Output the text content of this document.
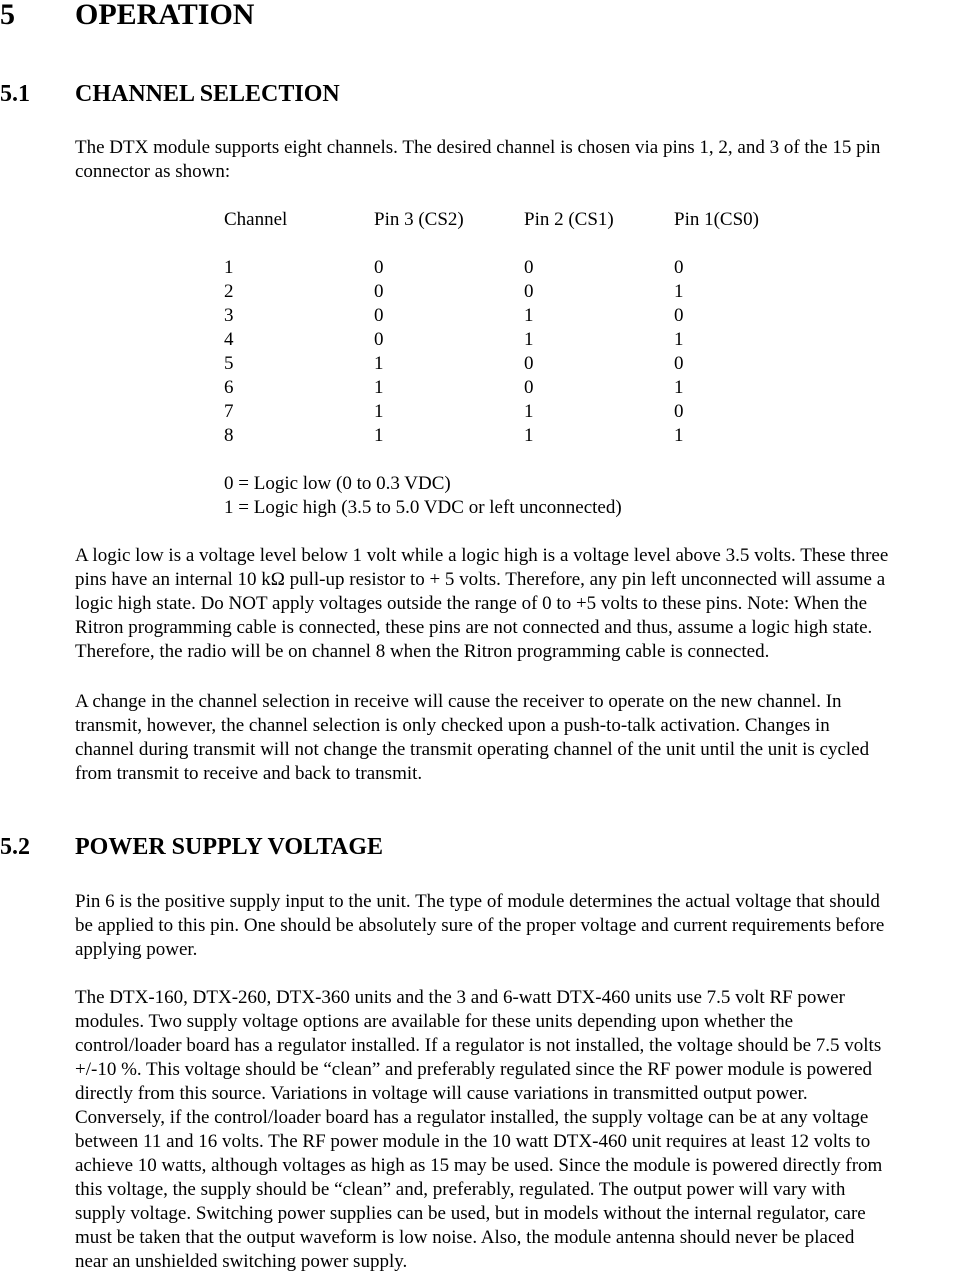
5 OPERATION
5.1 CHANNEL SELECTION
The DTX module supports eight channels. The desired channel is chosen via pins 1, 2, and 3 of the 15 pin
connector as shown:
Channel	Pin 3 (CS2)	Pin 2 (CS1)	Pin 1(CS0)
1	0	0	0
2	0	0	1
3	0	1	0
4	0	1	1
5	1	0	0
6	1	0	1
7	1	1	0
8	1	1	1
0 = Logic low (0 to 0.3 VDC)
1 = Logic high (3.5 to 5.0 VDC or left unconnected)
A logic low is a voltage level below 1 volt while a logic high is a voltage level above 3.5 volts. These three
pins have an internal 10 kΩ pull-up resistor to + 5 volts. Therefore, any pin left unconnected will assume a
logic high state. Do NOT apply voltages outside the range of 0 to +5 volts to these pins. Note: When the
Ritron programming cable is connected, these pins are not connected and thus, assume a logic high state.
Therefore, the radio will be on channel 8 when the Ritron programming cable is connected.
A change in the channel selection in receive will cause the receiver to operate on the new channel. In
transmit, however, the channel selection is only checked upon a push-to-talk activation. Changes in
channel during transmit will not change the transmit operating channel of the unit until the unit is cycled
from transmit to receive and back to transmit.
5.2 POWER SUPPLY VOLTAGE
Pin 6 is the positive supply input to the unit. The type of module determines the actual voltage that should
be applied to this pin. One should be absolutely sure of the proper voltage and current requirements before
applying power.
The DTX-160, DTX-260, DTX-360 units and the 3 and 6-watt DTX-460 units use 7.5 volt RF power
modules. Two supply voltage options are available for these units depending upon whether the
control/loader board has a regulator installed. If a regulator is not installed, the voltage should be 7.5 volts
+/-10 %. This voltage should be “clean” and preferably regulated since the RF power module is powered
directly from this source. Variations in voltage will cause variations in transmitted output power.
Conversely, if the control/loader board has a regulator installed, the supply voltage can be at any voltage
between 11 and 16 volts. The RF power module in the 10 watt DTX-460 unit requires at least 12 volts to
achieve 10 watts, although voltages as high as 15 may be used. Since the module is powered directly from
this voltage, the supply should be “clean” and, preferably, regulated. The output power will vary with
supply voltage. Switching power supplies can be used, but in models without the internal regulator, care
must be taken that the output waveform is low noise. Also, the module antenna should never be placed
near an unshielded switching power supply.
